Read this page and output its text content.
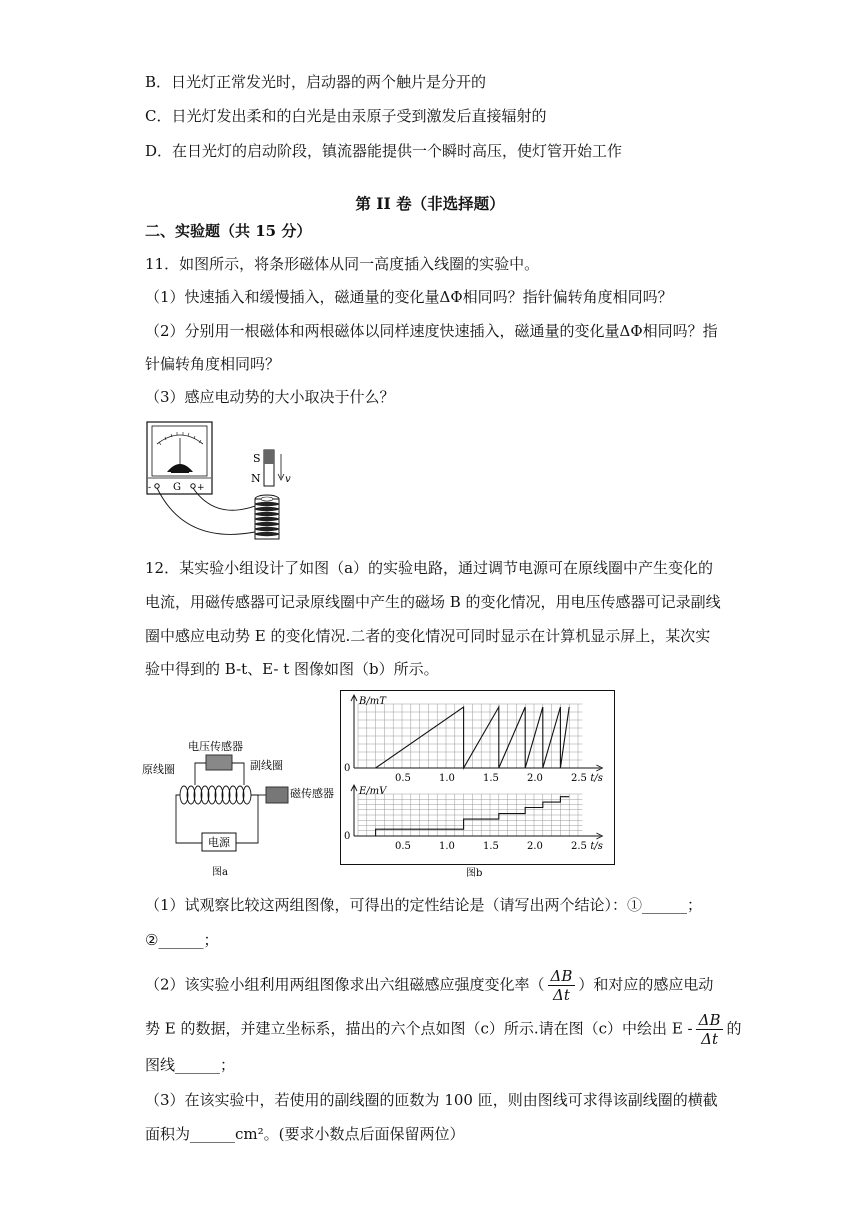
B．日光灯正常发光时，启动器的两个触片是分开的
C．日光灯发出柔和的白光是由汞原子受到激发后直接辐射的
D．在日光灯的启动阶段，镇流器能提供一个瞬时高压，使灯管开始工作
第 II 卷（非选择题）
二、实验题（共 15 分）
11．如图所示，将条形磁体从同一高度插入线圈的实验中。
（1）快速插入和缓慢插入，磁通量的变化量ΔΦ相同吗？指针偏转角度相同吗？
（2）分别用一根磁体和两根磁体以同样速度快速插入，磁通量的变化量ΔΦ相同吗？指
针偏转角度相同吗？
（3）感应电动势的大小取决于什么？
- G +
S
N v
12．某实验小组设计了如图（a）的实验电路，通过调节电源可在原线圈中产生变化的
电流，用磁传感器可记录原线圈中产生的磁场 B 的变化情况，用电压传感器可记录副线
圈中感应电动势 E 的变化情况.二者的变化情况可同时显示在计算机显示屏上，某次实
验中得到的 B-t、E- t 图像如图（b）所示。
电压传感器
原线圈	副线圈
磁传感器
电源
图a
B/mT
t/s
0
0.5	1.0	1.5	2.0	2.5
E/mV
t/s
0
0.5	1.0	1.5	2.0	2.5
图b
（1）试观察比较这两组图像，可得出的定性结论是（请写出两个结论）：①______；
②______；
（2）该实验小组利用两组图像求出六组磁感应强度变化率（ $\frac{\Delta B}{\Delta t}$ ）和对应的感应电动
势 E 的数据，并建立坐标系，描出的六个点如图（c）所示.请在图（c）中绘出 E - $\frac{\Delta B}{\Delta t}$ 的
图线______；
（3）在该实验中，若使用的副线圈的匝数为 100 匝，则由图线可求得该副线圈的横截
面积为______cm²。(要求小数点后面保留两位）
